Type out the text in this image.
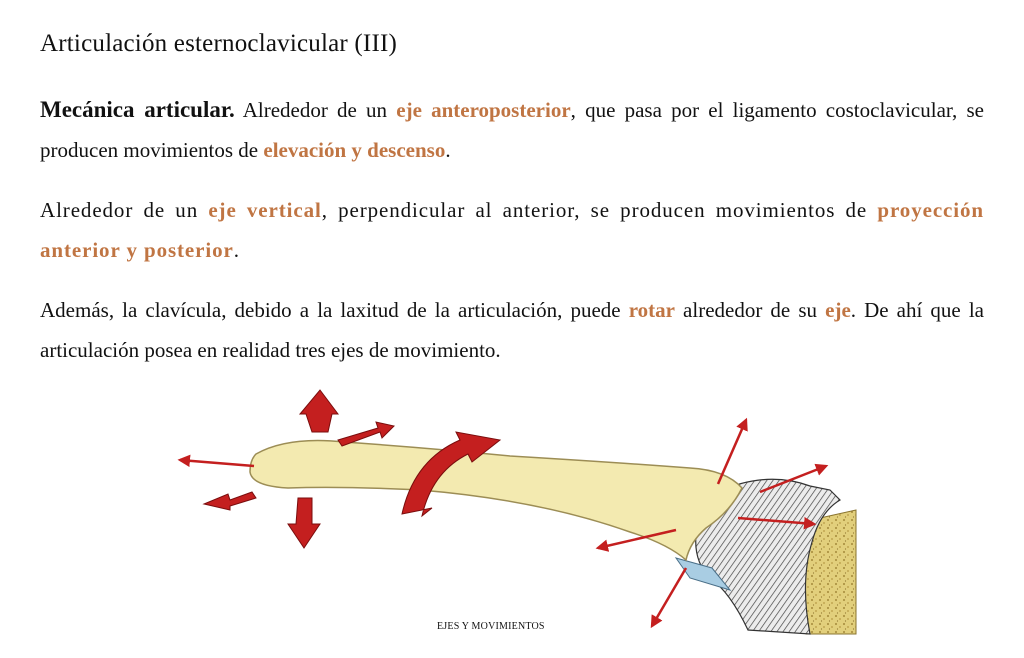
Articulación esternoclavicular (III)

Mecánica articular. Alrededor de un eje anteroposterior, que pasa por el ligamento costoclavicular, se producen movimientos de elevación y descenso.

Alrededor de un eje vertical, perpendicular al anterior, se producen movimientos de proyección anterior y posterior.

Además, la clavícula, debido a la laxitud de la articulación, puede rotar alrededor de su eje. De ahí que la articulación posea en realidad tres ejes de movimiento.

EJES Y MOVIMIENTOS
